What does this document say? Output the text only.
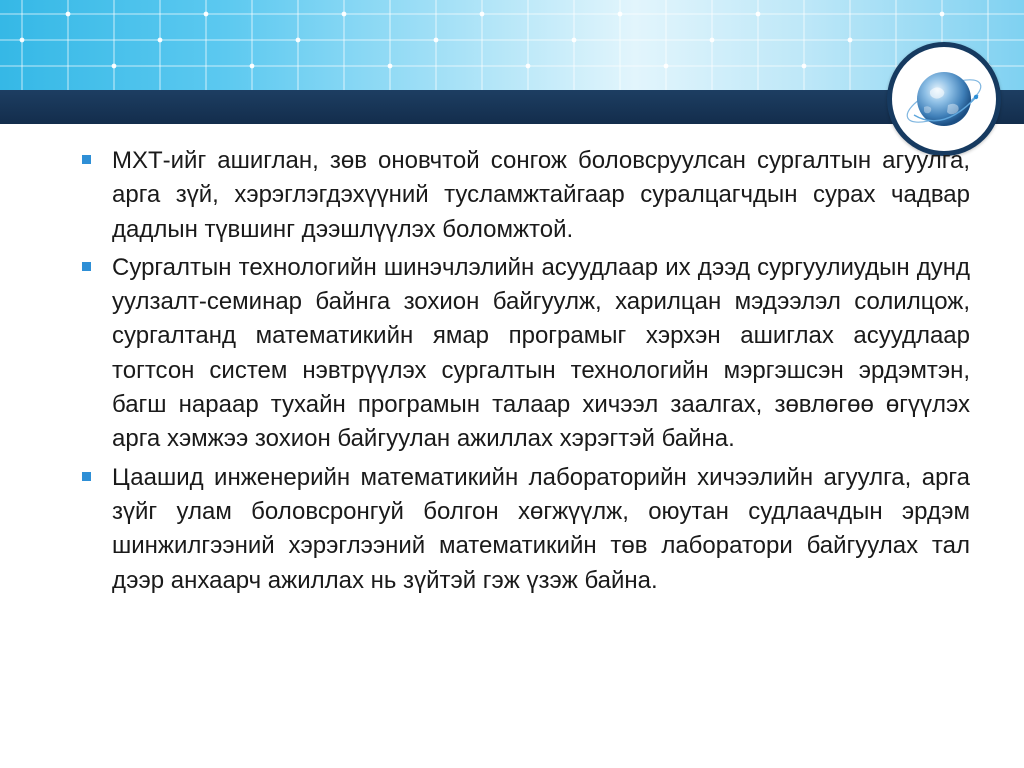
МХТ-ийг ашиглан, зөв оновчтой сонгож боловсруулсан сургалтын агуулга, арга зүй, хэрэглэгдэхүүний тусламжтайгаар суралцагчдын сурах чадвар дадлын түвшинг дээшлүүлэх боломжтой.

Сургалтын технологийн шинэчлэлийн асуудлаар их дээд сургуулиудын дунд уулзалт-семинар байнга зохион байгуулж, харилцан мэдээлэл солилцож, сургалтанд математикийн ямар програмыг хэрхэн ашиглах асуудлаар тогтсон систем нэвтрүүлэх сургалтын технологийн мэргэшсэн эрдэмтэн, багш нараар тухайн програмын талаар хичээл заалгах, зөвлөгөө өгүүлэх арга хэмжээ зохион байгуулан ажиллах хэрэгтэй байна.

Цаашид инженерийн математикийн лабораторийн хичээлийн агуулга, арга зүйг улам боловсронгуй болгон хөгжүүлж, оюутан судлаачдын эрдэм шинжилгээний хэрэглээний математикийн төв лаборатори байгуулах тал дээр анхаарч ажиллах нь зүйтэй гэж үзэж байна.
